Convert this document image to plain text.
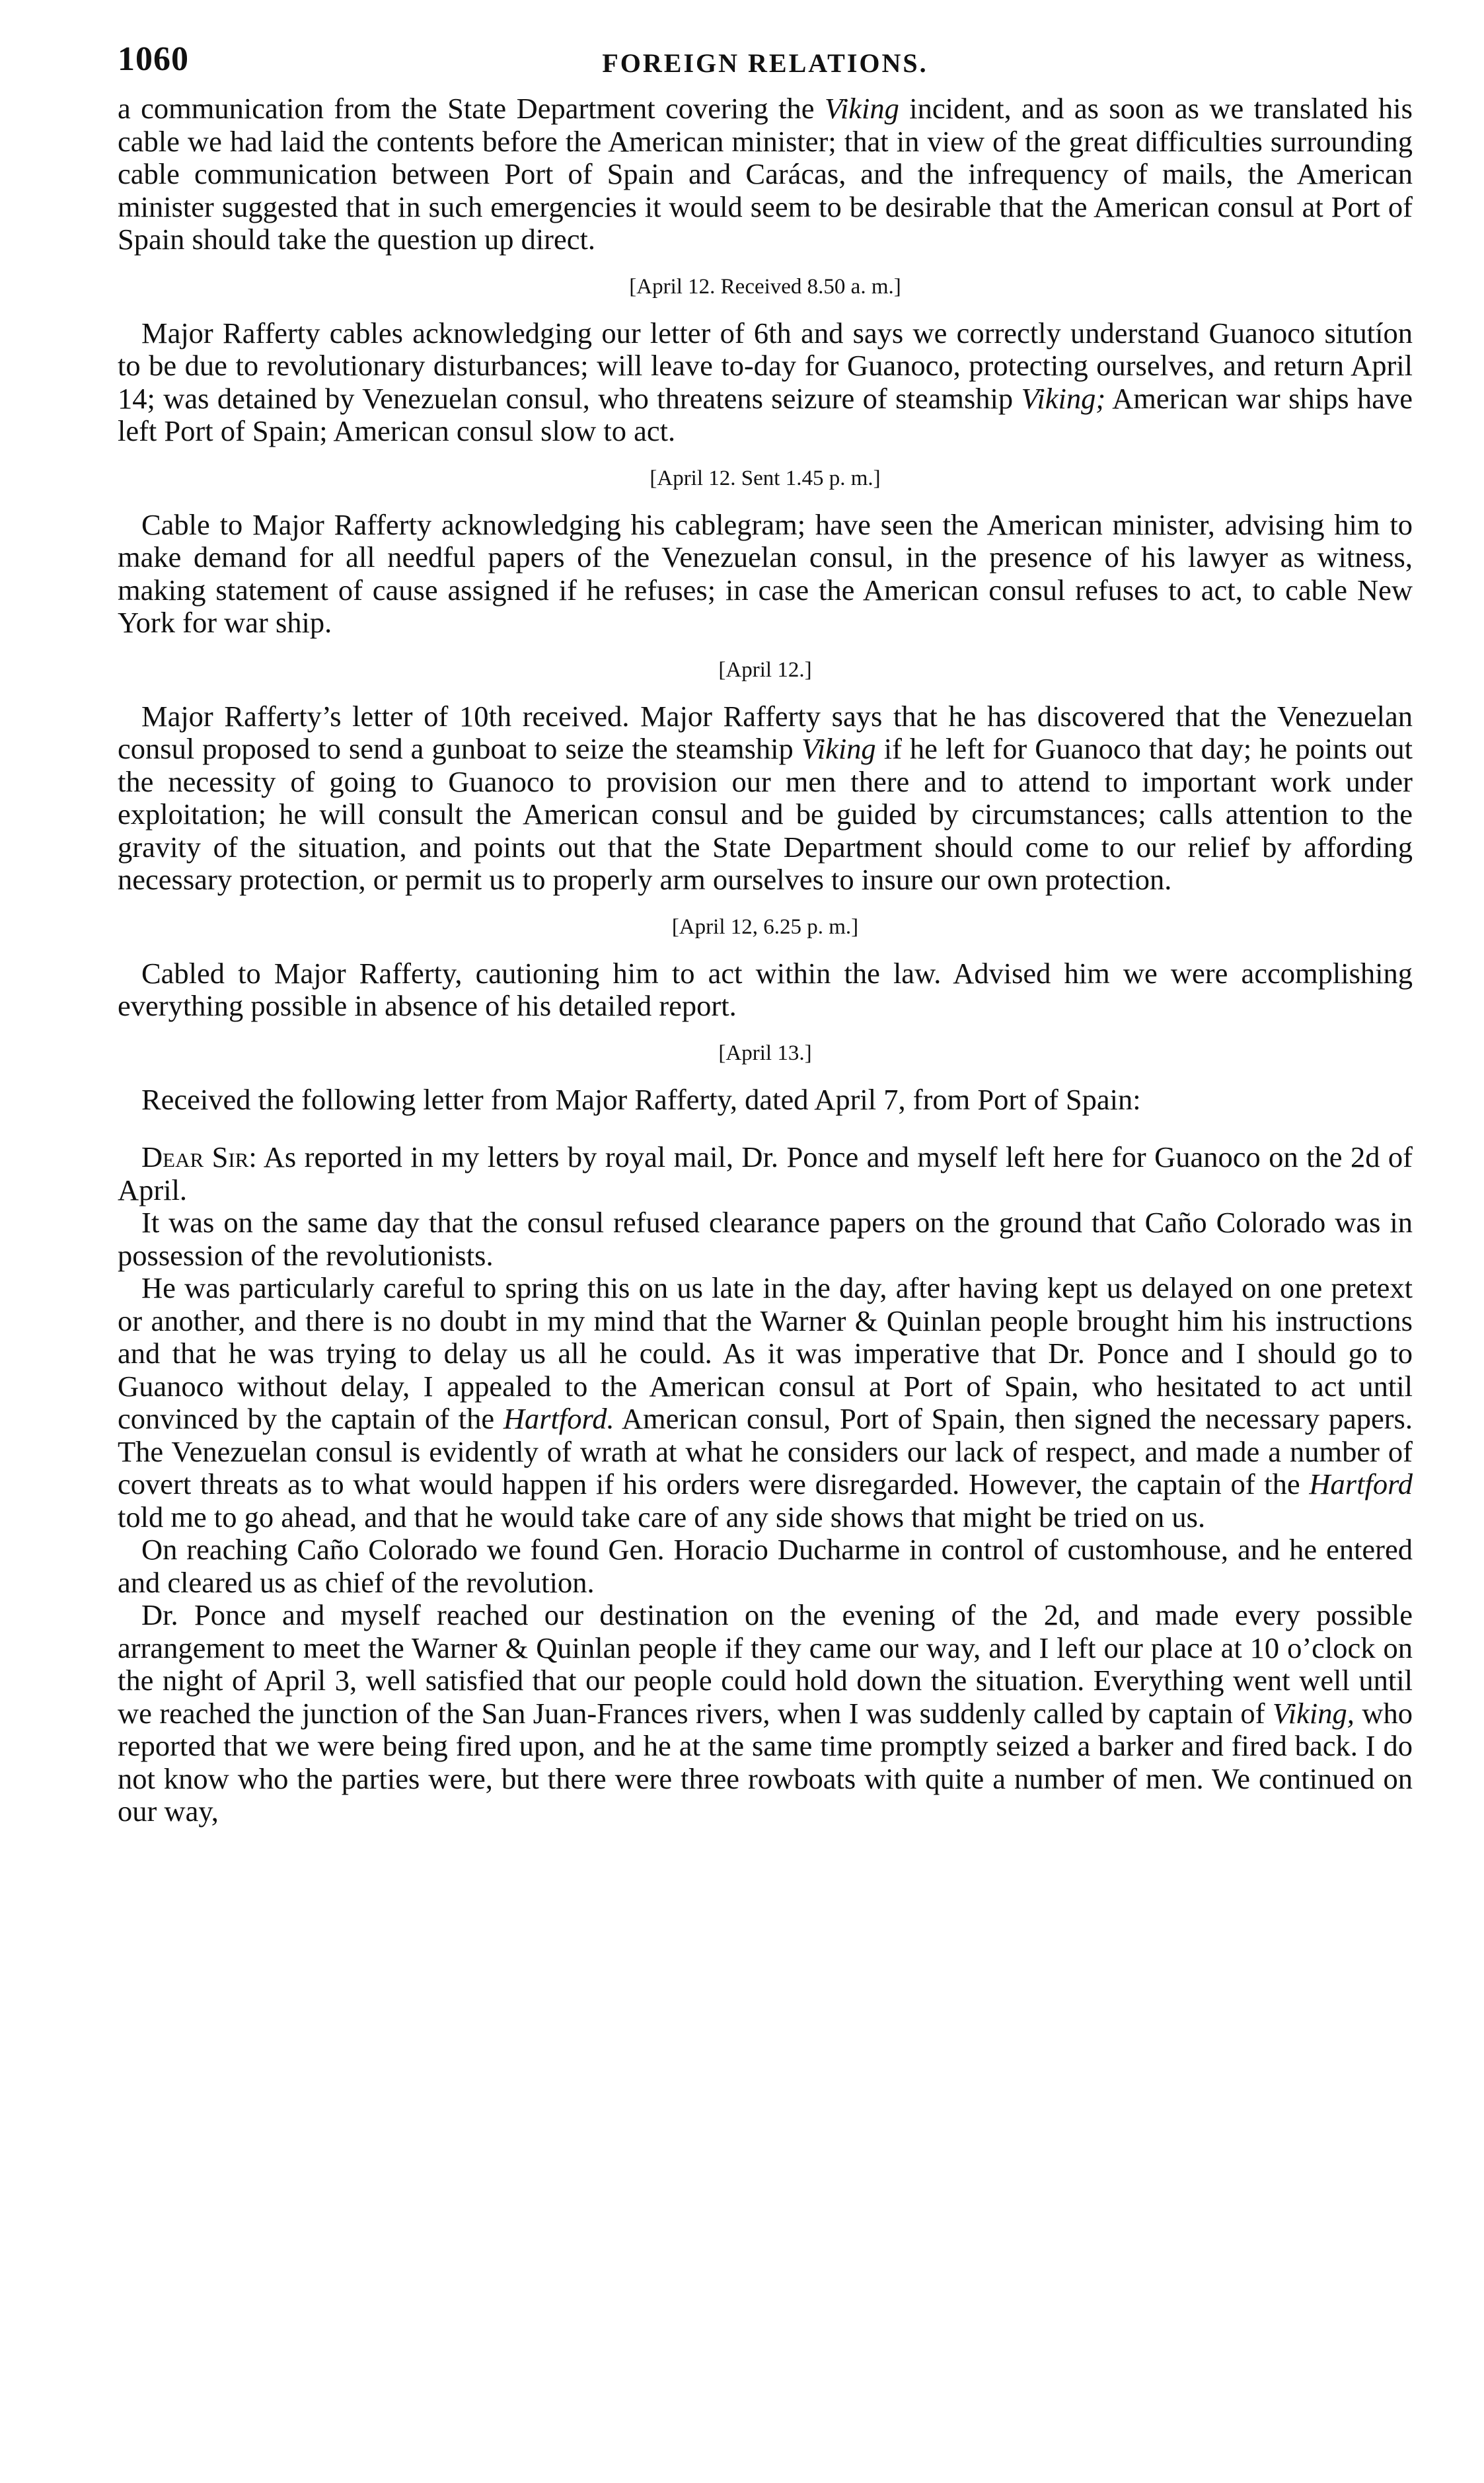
1060	FOREIGN RELATIONS.

a communication from the State Department covering the Viking incident, and as soon as we translated his cable we had laid the contents before the American minister; that in view of the great difficulties surrounding cable communication between Port of Spain and Carácas, and the infrequency of mails, the American minister suggested that in such emergencies it would seem to be desirable that the American consul at Port of Spain should take the question up direct.

[April 12. Received 8.50 a. m.]

Major Rafferty cables acknowledging our letter of 6th and says we correctly understand Guanoco situtíon to be due to revolutionary disturbances; will leave to-day for Guanoco, protecting ourselves, and return April 14; was detained by Venezuelan consul, who threatens seizure of steamship Viking; American war ships have left Port of Spain; American consul slow to act.

[April 12. Sent 1.45 p. m.]

Cable to Major Rafferty acknowledging his cablegram; have seen the American minister, advising him to make demand for all needful papers of the Venezuelan consul, in the presence of his lawyer as witness, making statement of cause assigned if he refuses; in case the American consul refuses to act, to cable New York for war ship.

[April 12.]

Major Rafferty’s letter of 10th received. Major Rafferty says that he has discovered that the Venezuelan consul proposed to send a gunboat to seize the steamship Viking if he left for Guanoco that day; he points out the necessity of going to Guanoco to provision our men there and to attend to important work under exploitation; he will consult the American consul and be guided by circumstances; calls attention to the gravity of the situation, and points out that the State Department should come to our relief by affording necessary protection, or permit us to properly arm ourselves to insure our own protection.

[April 12, 6.25 p. m.]

Cabled to Major Rafferty, cautioning him to act within the law. Advised him we were accomplishing everything possible in absence of his detailed report.

[April 13.]

Received the following letter from Major Rafferty, dated April 7, from Port of Spain:

Dear Sir: As reported in my letters by royal mail, Dr. Ponce and myself left here for Guanoco on the 2d of April.

It was on the same day that the consul refused clearance papers on the ground that Caño Colorado was in possession of the revolutionists.

He was particularly careful to spring this on us late in the day, after having kept us delayed on one pretext or another, and there is no doubt in my mind that the Warner & Quinlan people brought him his instructions and that he was trying to delay us all he could. As it was imperative that Dr. Ponce and I should go to Guanoco without delay, I appealed to the American consul at Port of Spain, who hesitated to act until convinced by the captain of the Hartford. American consul, Port of Spain, then signed the necessary papers. The Venezuelan consul is evidently of wrath at what he considers our lack of respect, and made a number of covert threats as to what would happen if his orders were disregarded. However, the captain of the Hartford told me to go ahead, and that he would take care of any side shows that might be tried on us.

On reaching Caño Colorado we found Gen. Horacio Ducharme in control of customhouse, and he entered and cleared us as chief of the revolution.

Dr. Ponce and myself reached our destination on the evening of the 2d, and made every possible arrangement to meet the Warner & Quinlan people if they came our way, and I left our place at 10 o’clock on the night of April 3, well satisfied that our people could hold down the situation. Everything went well until we reached the junction of the San Juan-Frances rivers, when I was suddenly called by captain of Viking, who reported that we were being fired upon, and he at the same time promptly seized a barker and fired back. I do not know who the parties were, but there were three rowboats with quite a number of men. We continued on our way,
